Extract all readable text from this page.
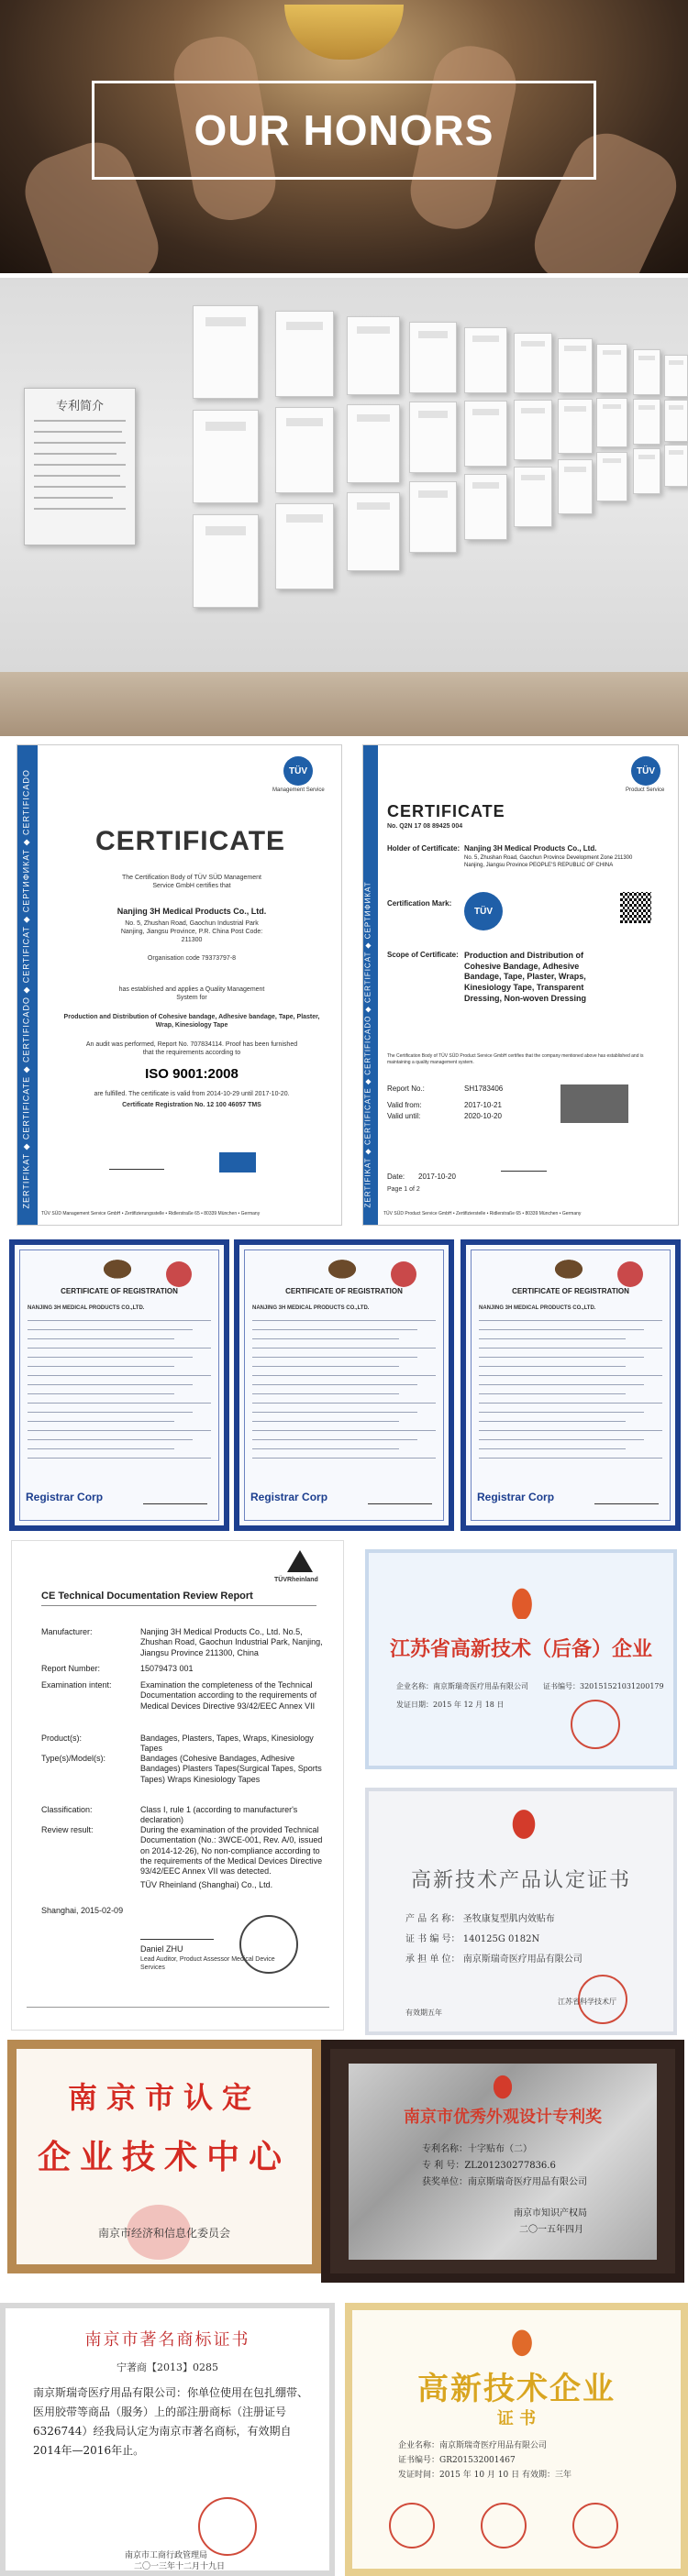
OUR HONORS
专利简介
ZERTIFIKAT ◆ CERTIFICATE ◆ CERTIFICADO ◆ CERTIFICAT ◆ СЕРТИФИКАТ ◆ CERTIFICADO	TÜV
Management Service
CERTIFICATE
The Certification Body of TÜV SÜD Management Service GmbH certifies that
Nanjing 3H Medical Products Co., Ltd.
No. 5, Zhushan Road, Gaochun Industrial Park Nanjing, Jiangsu Province, P.R. China Post Code: 211300
Organisation code 79373797-8
has established and applies a Quality Management System for
Production and Distribution of Cohesive bandage, Adhesive bandage, Tape, Plaster, Wrap, Kinesiology Tape
An audit was performed, Report No. 707834114. Proof has been furnished that the requirements according to
ISO 9001:2008
are fulfilled. The certificate is valid from 2014-10-29 until 2017-10-20.
Certificate Registration No. 12 100 46057 TMS
TÜV SÜD Management Service GmbH • Zertifizierungsstelle • Ridlerstraße 65 • 80339 München • Germany
ZERTIFIKAT ◆ CERTIFICATE ◆ CERTIFICADO ◆ CERTIFICAT ◆ СЕРТИФИКАТ
TÜV
Product Service
CERTIFICATE
No. Q2N 17 08 89425 004
Holder of Certificate: Nanjing 3H Medical Products Co., Ltd.
No. 5, Zhushan Road, Gaochun Province Development Zone 211300 Nanjing, Jiangsu Province PEOPLE'S REPUBLIC OF CHINA
Certification Mark:
TÜV
Scope of Certificate: Production and Distribution of Cohesive Bandage, Adhesive Bandage, Tape, Plaster, Wraps, Kinesiology Tape, Transparent Dressing, Non-woven Dressing
The Certification Body of TÜV SÜD Product Service GmbH certifies that the company mentioned above has established and is maintaining a quality management system.
Report No.:	SH1783406
Valid from:	2017-10-21
Valid until:	2020-10-20
Date: 2017-10-20
Page 1 of 2
TÜV SÜD Product Service GmbH • Zertifizierstelle • Ridlerstraße 65 • 80339 München • Germany
CERTIFICATE OF REGISTRATION
NANJING 3H MEDICAL PRODUCTS CO.,LTD.
Registrar Corp
CERTIFICATE OF REGISTRATION
NANJING 3H MEDICAL PRODUCTS CO.,LTD.
Registrar Corp
CERTIFICATE OF REGISTRATION
NANJING 3H MEDICAL PRODUCTS CO.,LTD.
Registrar Corp
TÜVRheinland
CE Technical Documentation Review Report
Manufacturer:	Nanjing 3H Medical Products Co., Ltd. No.5, Zhushan Road, Gaochun Industrial Park, Nanjing, Jiangsu Province 211300, China
Report Number:	15079473 001
Examination intent:	Examination the completeness of the Technical Documentation according to the requirements of Medical Devices Directive 93/42/EEC Annex VII
Product(s):	Bandages, Plasters, Tapes, Wraps, Kinesiology Tapes
Type(s)/Model(s):	Bandages (Cohesive Bandages, Adhesive Bandages) Plasters Tapes(Surgical Tapes, Sports Tapes) Wraps Kinesiology Tapes
Classification:	Class I, rule 1 (according to manufacturer's declaration)
Review result:	During the examination of the provided Technical Documentation (No.: 3WCE-001, Rev. A/0, issued on 2014-12-26), No non-compliance according to the requirements of the Medical Devices Directive 93/42/EEC Annex VII was detected.
TÜV Rheinland (Shanghai) Co., Ltd.
Shanghai, 2015-02-09
Daniel ZHU
Lead Auditor, Product Assessor Medical Device Services
江苏省高新技术（后备）企业
企业名称：南京斯瑞奇医疗用品有限公司 证书编号：320151521031200179
发证日期：2015 年 12 月 18 日
高新技术产品认定证书
产 品 名 称： 圣牧康复型肌内效贴布
证 书 编 号： 140125G 0182N
承 担 单 位： 南京斯瑞奇医疗用品有限公司
有效期五年
江苏省科学技术厅
南京市认定
企业技术中心
南京市经济和信息化委员会
南京市优秀外观设计专利奖
专利名称：十字贴布（二）
专 利 号：ZL201230277836.6
获奖单位：南京斯瑞奇医疗用品有限公司
南京市知识产权局
二〇一五年四月
南京市著名商标证书
宁著商【2013】0285
南京斯瑞奇医疗用品有限公司：你单位使用在包扎绷带、医用胶带等商品（服务）上的部注册商标（注册证号6326744）经我局认定为南京市著名商标，有效期自2014年—2016年止。
南京市工商行政管理局
二〇一三年十二月十九日
高新技术企业
证 书
企业名称：南京斯瑞奇医疗用品有限公司
证书编号：GR201532001467
发证时间：2015 年 10 月 10 日 有效期：三年
